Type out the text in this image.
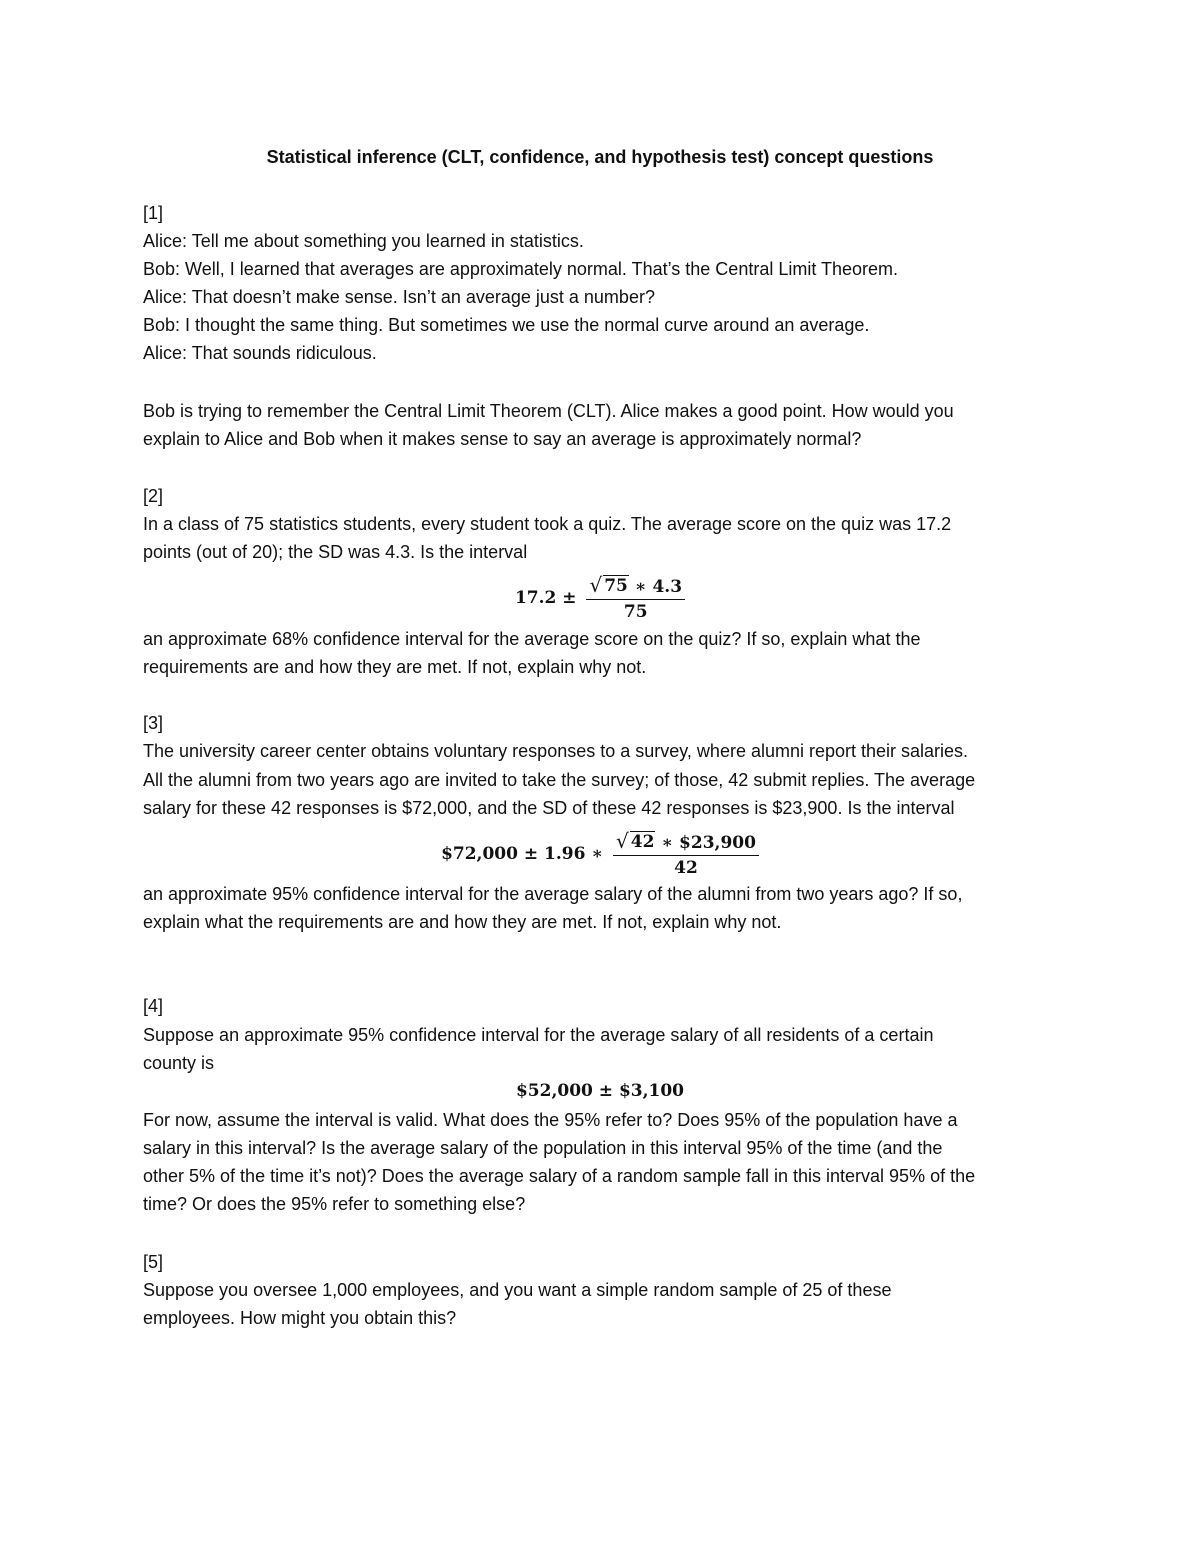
Statistical inference (CLT, confidence, and hypothesis test) concept questions

[1]

Alice: Tell me about something you learned in statistics.

Bob: Well, I learned that averages are approximately normal. That’s the Central Limit Theorem.

Alice: That doesn’t make sense. Isn’t an average just a number?

Bob: I thought the same thing. But sometimes we use the normal curve around an average.

Alice: That sounds ridiculous.

Bob is trying to remember the Central Limit Theorem (CLT). Alice makes a good point. How would you

explain to Alice and Bob when it makes sense to say an average is approximately normal?

[2]

In a class of 75 statistics students, every student took a quiz. The average score on the quiz was 17.2

points (out of 20); the SD was 4.3. Is the interval

$17.2 \pm \frac{√ 75 ∗ 4.3}{75}$

an approximate 68% confidence interval for the average score on the quiz? If so, explain what the

requirements are and how they are met. If not, explain why not.

[3]

The university career center obtains voluntary responses to a survey, where alumni report their salaries.

All the alumni from two years ago are invited to take the survey; of those, 42 submit replies. The average

salary for these 42 responses is $72,000, and the SD of these 42 responses is $23,900. Is the interval

$72,000 ± 1.96 ∗ $\frac{√ 42 ∗ \$23,900}{42}$

an approximate 95% confidence interval for the average salary of the alumni from two years ago? If so,

explain what the requirements are and how they are met. If not, explain why not.

[4]

Suppose an approximate 95% confidence interval for the average salary of all residents of a certain

county is

$52,000 ± $3,100

For now, assume the interval is valid. What does the 95% refer to? Does 95% of the population have a

salary in this interval? Is the average salary of the population in this interval 95% of the time (and the

other 5% of the time it’s not)? Does the average salary of a random sample fall in this interval 95% of the

time? Or does the 95% refer to something else?

[5]

Suppose you oversee 1,000 employees, and you want a simple random sample of 25 of these

employees. How might you obtain this?
